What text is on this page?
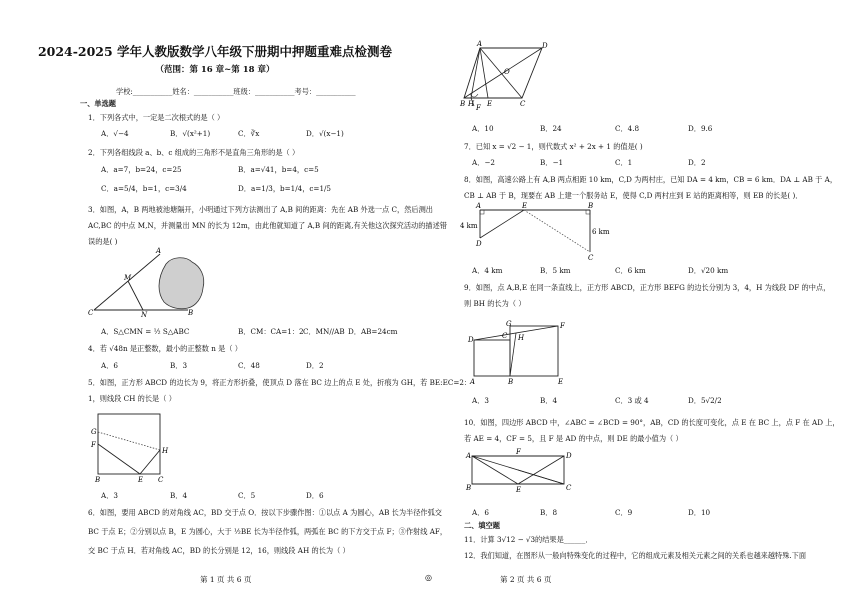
2024-2025 学年人教版数学八年级下册期中押题重难点检测卷
（范围：第 16 章~第 18 章）
学校:___________姓名：___________班级：___________考号：___________
一、单选题
1．下列各式中，一定是二次根式的是（ ）
A．√−4	B．√(x²+1)	C．∛x	D．√(x−1)
2．下列各组线段 a、b、c 组成的三角形不是直角三角形的是（ ）
A．a=7，b=24，c=25	B．a=√41，b=4，c=5
C．a=5/4，b=1，c=3/4	D．a=1/3，b=1/4，c=1/5
3．如图，A，B 两地被池塘隔开，小明通过下列方法测出了 A,B 间的距离：先在 AB 外选一点 C，然后测出
AC,BC 的中点 M,N，并测量出 MN 的长为 12m，由此他就知道了 A,B 间的距离,有关他这次探究活动的描述错
误的是( )
A
M
C	N	B
A．S△CMN = ½ S△ABC	B．CM：CA=1：2 C．MN//AB D．AB=24cm
4．若 √48n 是正整数，最小的正整数 n 是（ ）
A．6	B．3	C．48	D．2
5．如图，正方形 ABCD 的边长为 9，将正方形折叠，使顶点 D 落在 BC 边上的点 E 处，折痕为 GH，若 BE:EC=2：
1，则线段 CH 的长是（ ）
G
F
H
B	E C
A．3	B．4	C．5	D．6
6．如图，要用 ABCD 的对角线 AC，BD 交于点 O．按以下步骤作图：①以点 A 为圆心，AB 长为半径作弧交
BC 于点 E；②分别以点 B，E 为圆心，大于 ½BE 长为半径作弧，两弧在 BC 的下方交于点 F；③作射线 AF，
交 BC 于点 H．若对角线 AC，BD 的长分别是 12，16，则线段 AH 的长为（ ）
第 1 页 共 6 页	◎
A	D
O
B H E	C
F
A．10	B．24	C．4.8	D．9.6
7．已知 x = √2 − 1，则代数式 x² + 2x + 1 的值是( )
A．−2	B．−1	C．1	D．2
8．如图，高速公路上有 A,B 两点相距 10 km，C,D 为两村庄，已知 DA = 4 km，CB = 6 km．DA ⊥ AB 于 A，
CB ⊥ AB 于 B，现要在 AB 上建一个服务站 E，使得 C,D 两村庄到 E 站的距离相等，则 EB 的长是( )．
A	E	B
D
C
4 km
6 km
A．4 km	B．5 km	C．6 km	D．√20 km
9．如图，点 A,B,E 在同一条直线上，正方形 ABCD，正方形 BEFG 的边长分别为 3，4，H 为线段 DF 的中点，
则 BH 的长为（ ）
G	F
D	C H
A	B	E
A．3	B．4	C．3 或 4	D．5√2/2
10．如图，四边形 ABCD 中，∠ABC = ∠BCD = 90°，AB，CD 的长度可变化，点 E 在 BC 上，点 F 在 AD 上，
若 AE = 4，CF = 5，且 F 是 AD 的中点，则 DE 的最小值为（ ）
A	F	D
B	E	C
A．6	B．8	C．9	D．10
二、填空题
11．计算 3√12 − √3的结果是______．
12．我们知道，在图形从一般向特殊变化的过程中，它的组成元素及相关元素之间的关系也越来越特殊.下面
第 2 页 共 6 页
